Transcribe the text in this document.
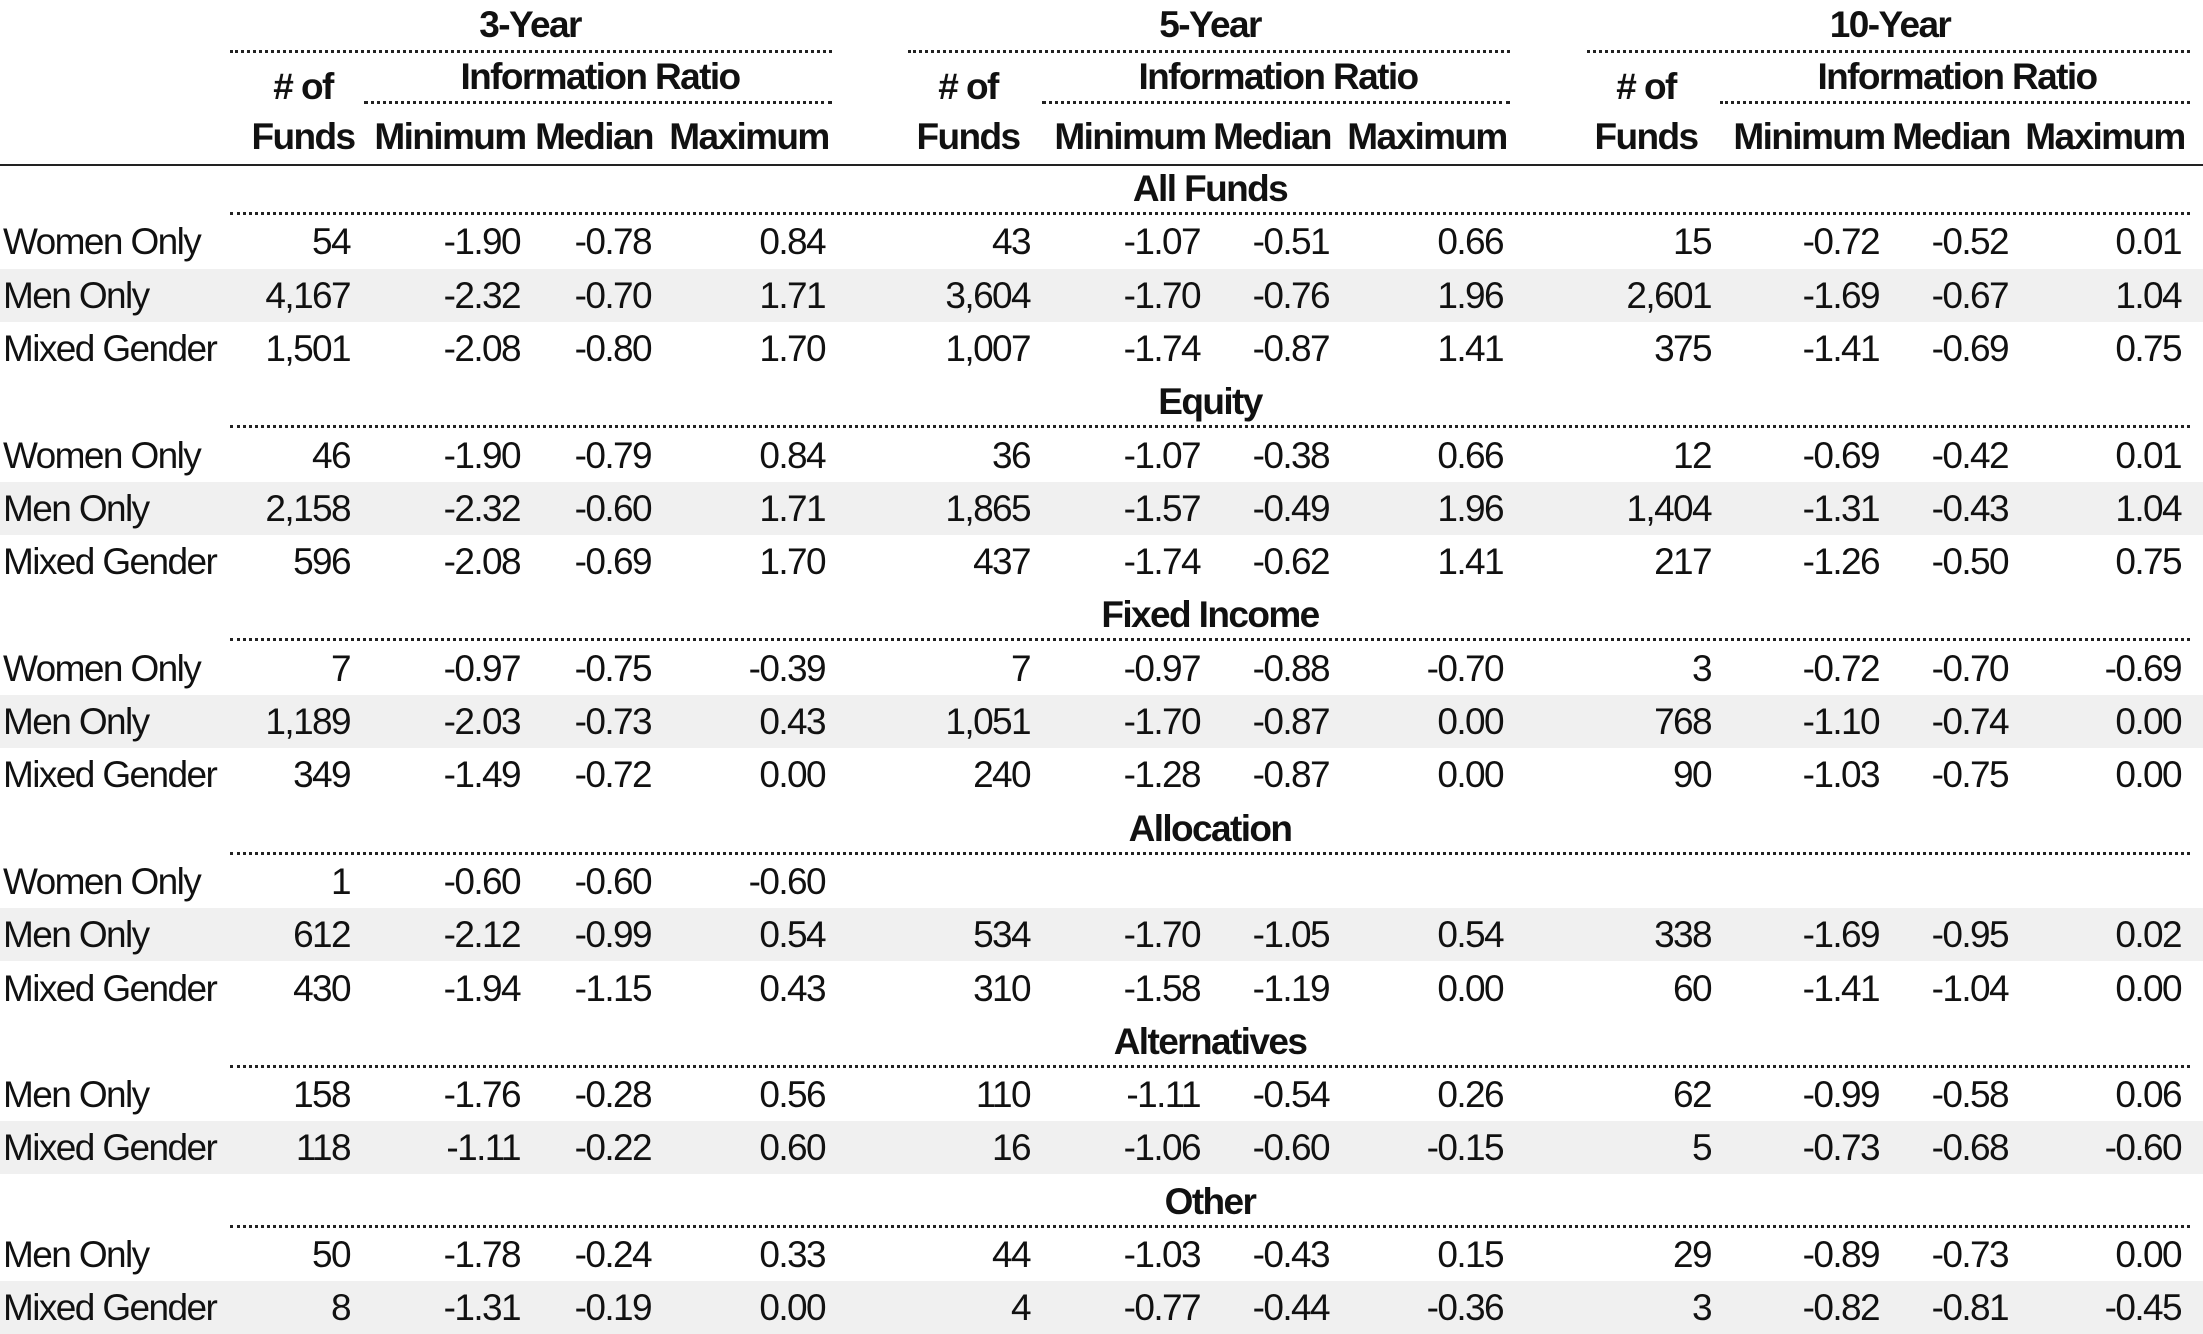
3-Year
# of
Funds
Information Ratio
Minimum Median Maximum
5-Year
# of
Funds
Information Ratio
Minimum Median Maximum
10-Year
# of
Funds
Information Ratio
Minimum Median Maximum
All Funds
Women Only	54	-1.90	-0.78	0.84	43	-1.07	-0.51	0.66	15	-0.72	-0.52	0.01
Men Only	4,167	-2.32	-0.70	1.71	3,604	-1.70	-0.76	1.96	2,601	-1.69	-0.67	1.04
Mixed Gender	1,501	-2.08	-0.80	1.70	1,007	-1.74	-0.87	1.41	375	-1.41	-0.69	0.75
Equity
Women Only	46	-1.90	-0.79	0.84	36	-1.07	-0.38	0.66	12	-0.69	-0.42	0.01
Men Only	2,158	-2.32	-0.60	1.71	1,865	-1.57	-0.49	1.96	1,404	-1.31	-0.43	1.04
Mixed Gender	596	-2.08	-0.69	1.70	437	-1.74	-0.62	1.41	217	-1.26	-0.50	0.75
Fixed Income
Women Only	7	-0.97	-0.75	-0.39	7	-0.97	-0.88	-0.70	3	-0.72	-0.70	-0.69
Men Only	1,189	-2.03	-0.73	0.43	1,051	-1.70	-0.87	0.00	768	-1.10	-0.74	0.00
Mixed Gender	349	-1.49	-0.72	0.00	240	-1.28	-0.87	0.00	90	-1.03	-0.75	0.00
Allocation
Women Only	1	-0.60	-0.60	-0.60
Men Only	612	-2.12	-0.99	0.54	534	-1.70	-1.05	0.54	338	-1.69	-0.95	0.02
Mixed Gender	430	-1.94	-1.15	0.43	310	-1.58	-1.19	0.00	60	-1.41	-1.04	0.00
Alternatives
Men Only	158	-1.76	-0.28	0.56	110	-1.11	-0.54	0.26	62	-0.99	-0.58	0.06
Mixed Gender	118	-1.11	-0.22	0.60	16	-1.06	-0.60	-0.15	5	-0.73	-0.68	-0.60
Other
Men Only	50	-1.78	-0.24	0.33	44	-1.03	-0.43	0.15	29	-0.89	-0.73	0.00
Mixed Gender	8	-1.31	-0.19	0.00	4	-0.77	-0.44	-0.36	3	-0.82	-0.81	-0.45
